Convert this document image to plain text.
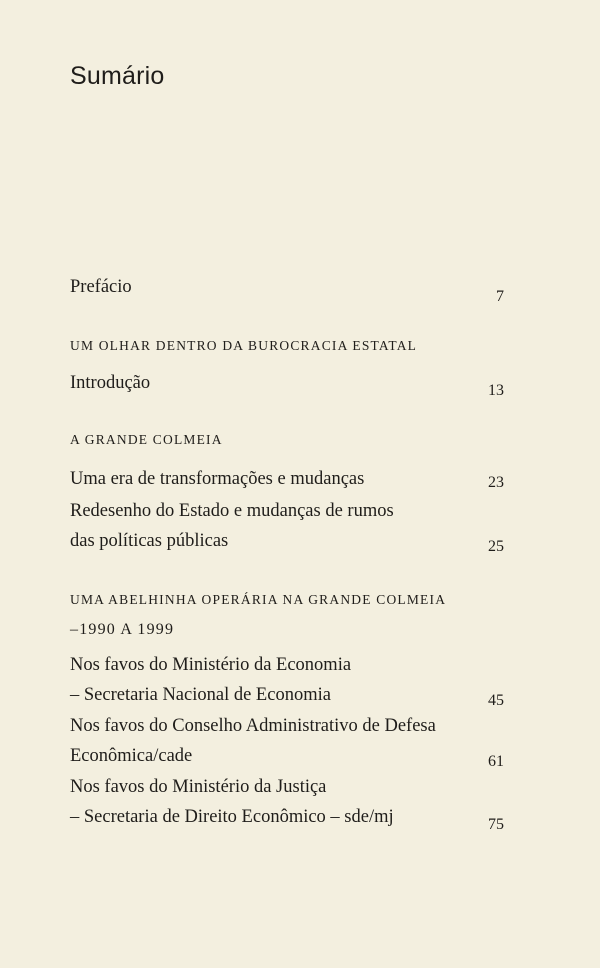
Sumário
Prefácio	7
UM OLHAR DENTRO DA BUROCRACIA ESTATAL
Introdução	13
A GRANDE COLMEIA
Uma era de transformações e mudanças	23
Redesenho do Estado e mudanças de rumos
das políticas públicas	25
UMA ABELHINHA OPERÁRIA NA GRANDE COLMEIA
–1990 A 1999
Nos favos do Ministério da Economia
– Secretaria Nacional de Economia	45
Nos favos do Conselho Administrativo de Defesa
Econômica/cade	61
Nos favos do Ministério da Justiça
– Secretaria de Direito Econômico – sde/mj	75
